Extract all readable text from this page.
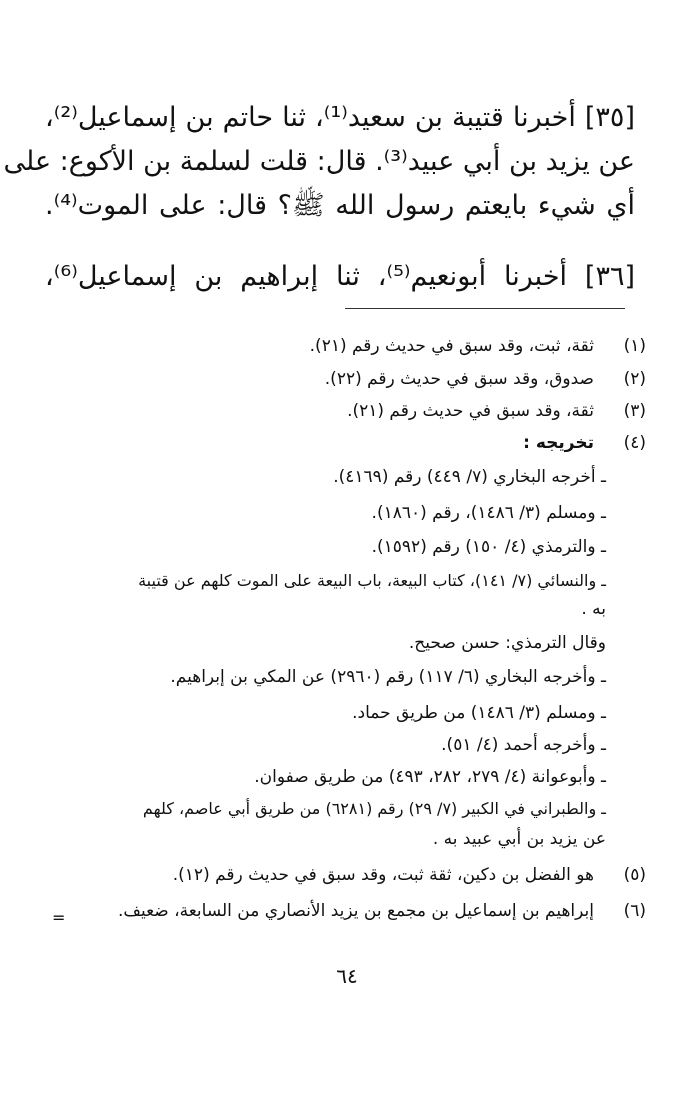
[٣٥] أخبرنا قتيبة بن سعيد⁽¹⁾، ثنا حاتم بن إسماعيل⁽²⁾،
عن يزيد بن أبي عبيد⁽³⁾. قال: قلت لسلمة بن الأكوع: على
أي شيء بايعتم رسول الله ﷺ؟ قال: على الموت⁽⁴⁾.
[٣٦] أخبرنا أبونعيم⁽⁵⁾، ثنا إبراهيم بن إسماعيل⁽⁶⁾،
(١)
ثقة، ثبت، وقد سبق في حديث رقم (٢١).
(٢)
صدوق، وقد سبق في حديث رقم (٢٢).
(٣)
ثقة، وقد سبق في حديث رقم (٢١).
(٤)
تخريجه :
ـ أخرجه البخاري (٧/ ٤٤٩) رقم (٤١٦٩).
ـ ومسلم (٣/ ١٤٨٦)، رقم (١٨٦٠).
ـ والترمذي (٤/ ١٥٠) رقم (١٥٩٢).
ـ والنسائي (٧/ ١٤١)، كتاب البيعة، باب البيعة على الموت كلهم عن قتيبة
به .
وقال الترمذي: حسن صحيح.
ـ وأخرجه البخاري (٦/ ١١٧) رقم (٢٩٦٠) عن المكي بن إبراهيم.
ـ ومسلم (٣/ ١٤٨٦) من طريق حماد.
ـ وأخرجه أحمد (٤/ ٥١).
ـ وأبوعوانة (٤/ ٢٧٩، ٢٨٢، ٤٩٣) من طريق صفوان.
ـ والطبراني في الكبير (٧/ ٢٩) رقم (٦٢٨١) من طريق أبي عاصم، كلهم
عن يزيد بن أبي عبيد به .
(٥)
هو الفضل بن دكين، ثقة ثبت، وقد سبق في حديث رقم (١٢).
(٦)
إبراهيم بن إسماعيل بن مجمع بن يزيد الأنصاري من السابعة، ضعيف.
=
٦٤
